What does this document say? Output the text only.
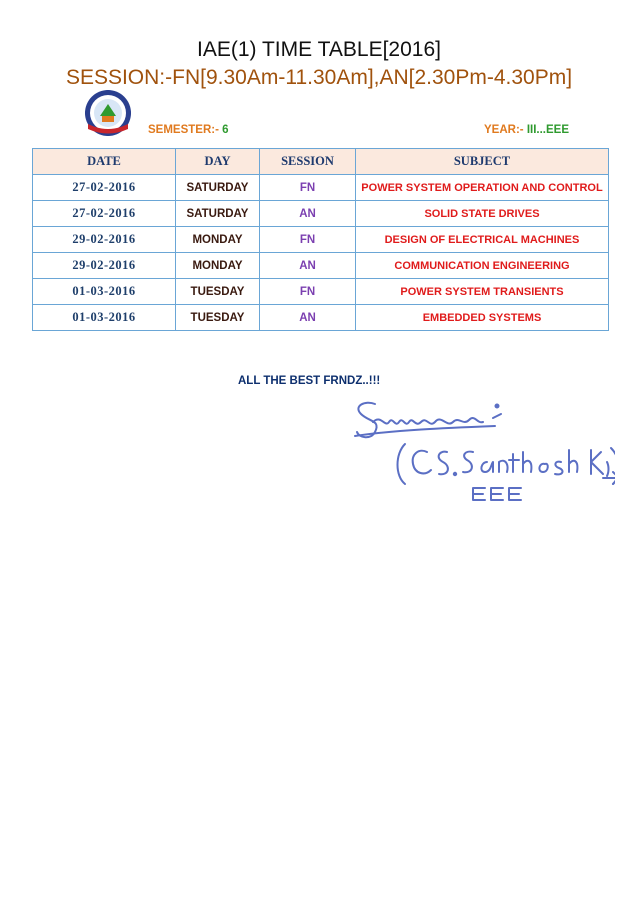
IAE(1) TIME TABLE[2016]
SESSION:-FN[9.30Am-11.30Am],AN[2.30Pm-4.30Pm]
SEMESTER:- 6	YEAR:- III...EEE
DATE	DAY	SESSION	SUBJECT
27-02-2016	SATURDAY	FN	POWER SYSTEM OPERATION AND CONTROL
27-02-2016	SATURDAY	AN	SOLID STATE DRIVES
29-02-2016	MONDAY	FN	DESIGN OF ELECTRICAL MACHINES
29-02-2016	MONDAY	AN	COMMUNICATION ENGINEERING
01-03-2016	TUESDAY	FN	POWER SYSTEM TRANSIENTS
01-03-2016	TUESDAY	AN	EMBEDDED SYSTEMS
ALL THE BEST FRNDZ..!!!
